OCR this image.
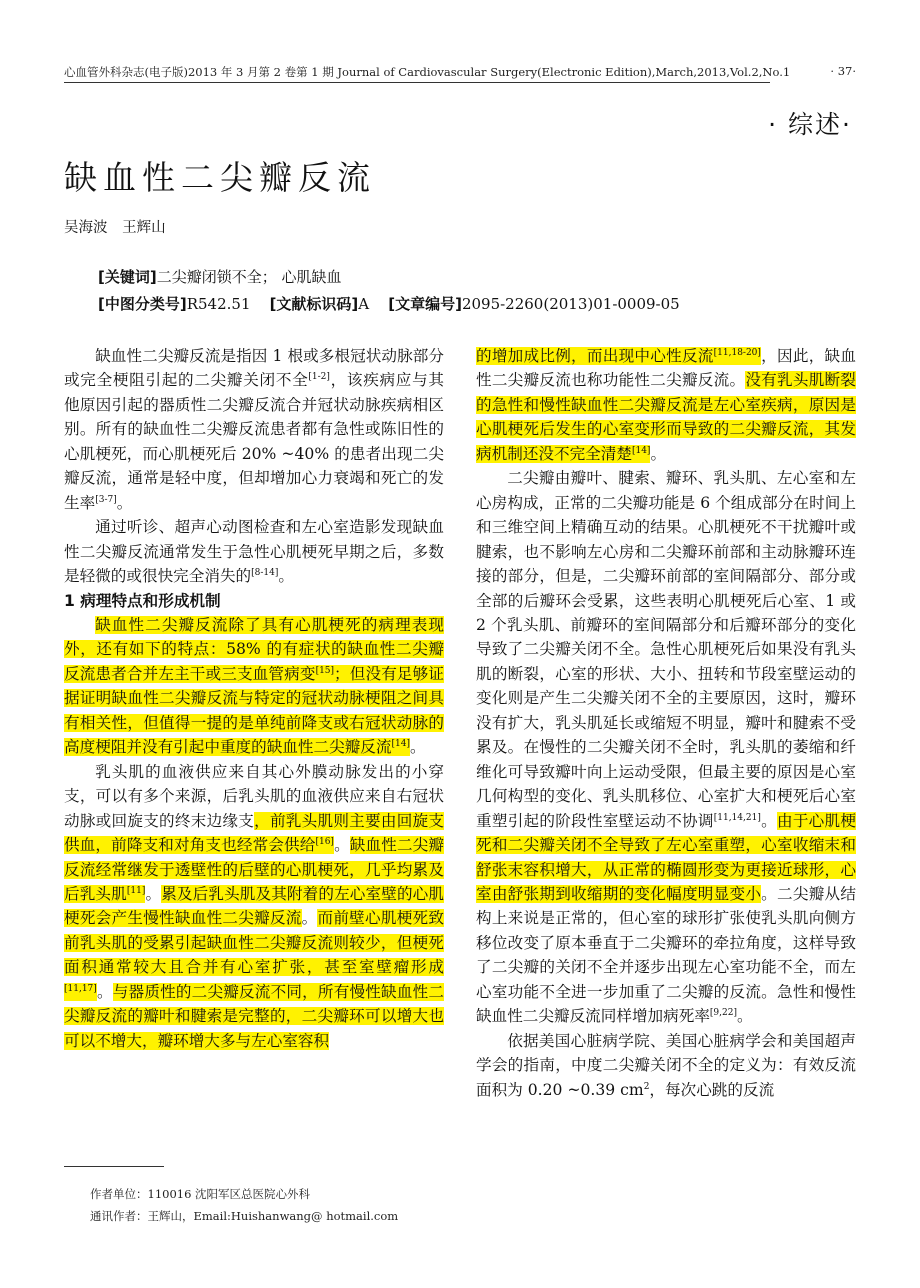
心血管外科杂志(电子版)2013 年 3 月第 2 卷第 1 期 Journal of Cardiovascular Surgery(Electronic Edition),March,2013,Vol.2,No.1	· 37·
· 综述·
缺血性二尖瓣反流
吴海波 王辉山
[关键词]二尖瓣闭锁不全； 心肌缺血
[中图分类号]R542.51 [文献标识码]A [文章编号]2095-2260(2013)01-0009-05

缺血性二尖瓣反流是指因 1 根或多根冠状动脉部分或完全梗阻引起的二尖瓣关闭不全[1-2]，该疾病应与其他原因引起的器质性二尖瓣反流合并冠状动脉疾病相区别。所有的缺血性二尖瓣反流患者都有急性或陈旧性的心肌梗死，而心肌梗死后 20% ~40% 的患者出现二尖瓣反流，通常是轻中度，但却增加心力衰竭和死亡的发生率[3-7]。

通过听诊、超声心动图检查和左心室造影发现缺血性二尖瓣反流通常发生于急性心肌梗死早期之后，多数是轻微的或很快完全消失的[8-14]。

1 病理特点和形成机制

缺血性二尖瓣反流除了具有心肌梗死的病理表现外，还有如下的特点：58% 的有症状的缺血性二尖瓣反流患者合并左主干或三支血管病变[15]；但没有足够证据证明缺血性二尖瓣反流与特定的冠状动脉梗阻之间具有相关性，但值得一提的是单纯前降支或右冠状动脉的高度梗阻并没有引起中重度的缺血性二尖瓣反流[14]。

乳头肌的血液供应来自其心外膜动脉发出的小穿支，可以有多个来源，后乳头肌的血液供应来自右冠状动脉或回旋支的终末边缘支，前乳头肌则主要由回旋支供血，前降支和对角支也经常会供给[16]。缺血性二尖瓣反流经常继发于透壁性的后壁的心肌梗死，几乎均累及后乳头肌[11]。累及后乳头肌及其附着的左心室壁的心肌梗死会产生慢性缺血性二尖瓣反流。而前壁心肌梗死致前乳头肌的受累引起缺血性二尖瓣反流则较少，但梗死面积通常较大且合并有心室扩张，甚至室壁瘤形成[11,17]。与器质性的二尖瓣反流不同，所有慢性缺血性二尖瓣反流的瓣叶和腱索是完整的，二尖瓣环可以增大也可以不增大，瓣环增大多与左心室容积

的增加成比例，而出现中心性反流[11,18-20]，因此，缺血性二尖瓣反流也称功能性二尖瓣反流。没有乳头肌断裂的急性和慢性缺血性二尖瓣反流是左心室疾病，原因是心肌梗死后发生的心室变形而导致的二尖瓣反流，其发病机制还没不完全清楚[14]。

二尖瓣由瓣叶、腱索、瓣环、乳头肌、左心室和左心房构成，正常的二尖瓣功能是 6 个组成部分在时间上和三维空间上精确互动的结果。心肌梗死不干扰瓣叶或腱索，也不影响左心房和二尖瓣环前部和主动脉瓣环连接的部分，但是，二尖瓣环前部的室间隔部分、部分或全部的后瓣环会受累，这些表明心肌梗死后心室、1 或 2 个乳头肌、前瓣环的室间隔部分和后瓣环部分的变化导致了二尖瓣关闭不全。急性心肌梗死后如果没有乳头肌的断裂，心室的形状、大小、扭转和节段室壁运动的变化则是产生二尖瓣关闭不全的主要原因，这时，瓣环没有扩大，乳头肌延长或缩短不明显，瓣叶和腱索不受累及。在慢性的二尖瓣关闭不全时，乳头肌的萎缩和纤维化可导致瓣叶向上运动受限，但最主要的原因是心室几何构型的变化、乳头肌移位、心室扩大和梗死后心室重塑引起的阶段性室壁运动不协调[11,14,21]。由于心肌梗死和二尖瓣关闭不全导致了左心室重塑，心室收缩末和舒张末容积增大，从正常的椭圆形变为更接近球形，心室由舒张期到收缩期的变化幅度明显变小。二尖瓣从结构上来说是正常的，但心室的球形扩张使乳头肌向侧方移位改变了原本垂直于二尖瓣环的牵拉角度，这样导致了二尖瓣的关闭不全并逐步出现左心室功能不全，而左心室功能不全进一步加重了二尖瓣的反流。急性和慢性缺血性二尖瓣反流同样增加病死率[9,22]。

依据美国心脏病学院、美国心脏病学会和美国超声学会的指南，中度二尖瓣关闭不全的定义为：有效反流面积为 0.20 ~0.39 $cm^2$，每次心跳的反流

作者单位：110016 沈阳军区总医院心外科
通讯作者：王辉山，Email:Huishanwang@ hotmail.com
